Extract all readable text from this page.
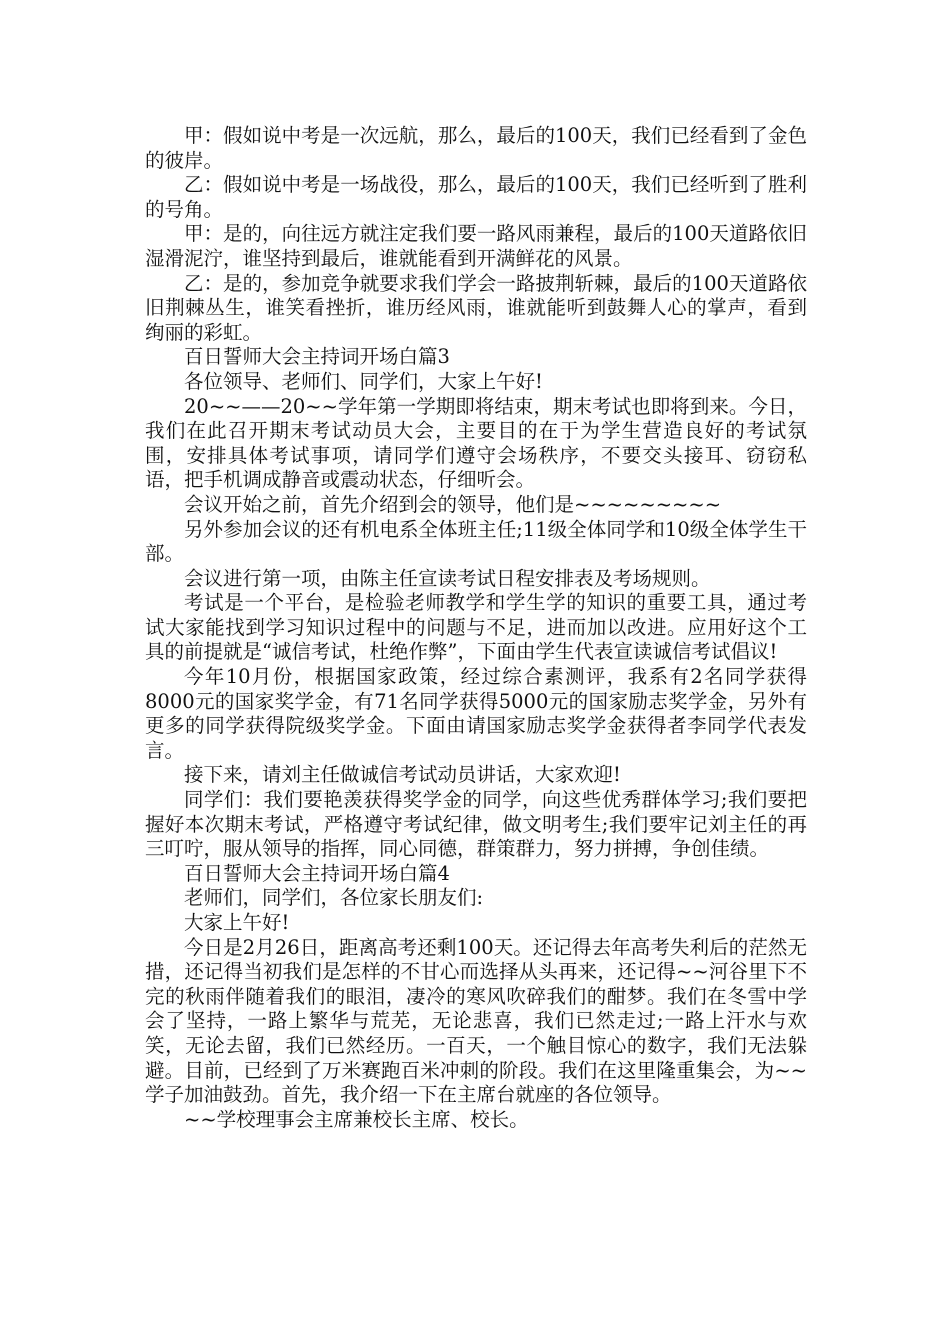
甲：假如说中考是一次远航，那么，最后的100天，我们已经看到了金色的彼岸。

乙：假如说中考是一场战役，那么，最后的100天，我们已经听到了胜利的号角。

甲：是的，向往远方就注定我们要一路风雨兼程，最后的100天道路依旧湿滑泥泞，谁坚持到最后，谁就能看到开满鲜花的风景。

乙：是的，参加竞争就要求我们学会一路披荆斩棘，最后的100天道路依旧荆棘丛生，谁笑看挫折，谁历经风雨，谁就能听到鼓舞人心的掌声，看到绚丽的彩虹。

百日誓师大会主持词开场白篇3

各位领导、老师们、同学们，大家上午好!

20~~——20~~学年第一学期即将结束，期末考试也即将到来。今日，我们在此召开期末考试动员大会，主要目的在于为学生营造良好的考试氛围，安排具体考试事项，请同学们遵守会场秩序，不要交头接耳、窃窃私语，把手机调成静音或震动状态，仔细听会。

会议开始之前，首先介绍到会的领导，他们是~~~~~~~~~

另外参加会议的还有机电系全体班主任;11级全体同学和10级全体学生干部。

会议进行第一项，由陈主任宣读考试日程安排表及考场规则。

考试是一个平台，是检验老师教学和学生学的知识的重要工具，通过考试大家能找到学习知识过程中的问题与不足，进而加以改进。应用好这个工具的前提就是“诚信考试，杜绝作弊”，下面由学生代表宣读诚信考试倡议!

今年10月份，根据国家政策，经过综合素测评，我系有2名同学获得8000元的国家奖学金，有71名同学获得5000元的国家励志奖学金，另外有更多的同学获得院级奖学金。下面由请国家励志奖学金获得者李同学代表发言。

接下来，请刘主任做诚信考试动员讲话，大家欢迎!

同学们：我们要艳羡获得奖学金的同学，向这些优秀群体学习;我们要把握好本次期末考试，严格遵守考试纪律，做文明考生;我们要牢记刘主任的再三叮咛，服从领导的指挥，同心同德，群策群力，努力拼搏，争创佳绩。

百日誓师大会主持词开场白篇4

老师们，同学们，各位家长朋友们:

大家上午好!

今日是2月26日，距离高考还剩100天。还记得去年高考失利后的茫然无措，还记得当初我们是怎样的不甘心而选择从头再来，还记得~~河谷里下不完的秋雨伴随着我们的眼泪，凄冷的寒风吹碎我们的酣梦。我们在冬雪中学会了坚持，一路上繁华与荒芜，无论悲喜，我们已然走过;一路上汗水与欢笑，无论去留，我们已然经历。一百天，一个触目惊心的数字，我们无法躲避。目前，已经到了万米赛跑百米冲刺的阶段。我们在这里隆重集会，为~~学子加油鼓劲。首先，我介绍一下在主席台就座的各位领导。

~~学校理事会主席兼校长主席、校长。
